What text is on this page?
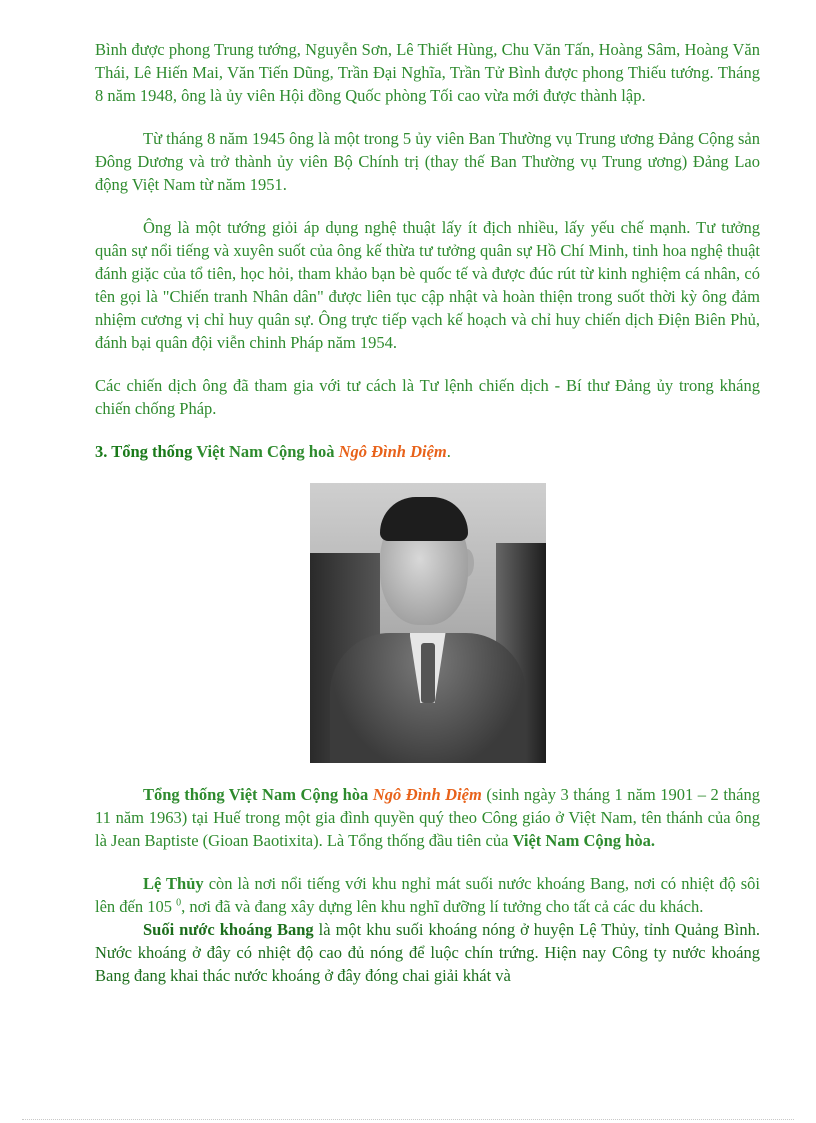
Bình được phong Trung tướng, Nguyễn Sơn, Lê Thiết Hùng, Chu Văn Tấn, Hoàng Sâm, Hoàng Văn Thái, Lê Hiến Mai, Văn Tiến Dũng, Trần Đại Nghĩa, Trần Tử Bình được phong Thiếu tướng. Tháng 8 năm 1948, ông là ủy viên Hội đồng Quốc phòng Tối cao vừa mới được thành lập.

Từ tháng 8 năm 1945 ông là một trong 5 ủy viên Ban Thường vụ Trung ương Đảng Cộng sản Đông Dương và trở thành ủy viên Bộ Chính trị (thay thế Ban Thường vụ Trung ương) Đảng Lao động Việt Nam từ năm 1951.

Ông là một tướng giỏi áp dụng nghệ thuật lấy ít địch nhiều, lấy yếu chế mạnh. Tư tưởng quân sự nổi tiếng và xuyên suốt của ông kế thừa tư tưởng quân sự Hồ Chí Minh, tinh hoa nghệ thuật đánh giặc của tổ tiên, học hỏi, tham khảo bạn bè quốc tế và được đúc rút từ kinh nghiệm cá nhân, có tên gọi là "Chiến tranh Nhân dân" được liên tục cập nhật và hoàn thiện trong suốt thời kỳ ông đảm nhiệm cương vị chỉ huy quân sự. Ông trực tiếp vạch kế hoạch và chỉ huy chiến dịch Điện Biên Phủ, đánh bại quân đội viễn chinh Pháp năm 1954.

Các chiến dịch ông đã tham gia với tư cách là Tư lệnh chiến dịch - Bí thư Đảng ủy trong kháng chiến chống Pháp.

3. Tổng thống Việt Nam Cộng hoà Ngô Đình Diệm.

Tổng thống Việt Nam Cộng hòa Ngô Đình Diệm (sinh ngày 3 tháng 1 năm 1901 – 2 tháng 11 năm 1963) tại Huế trong một gia đình quyền quý theo Công giáo ở Việt Nam, tên thánh của ông là Jean Baptiste (Gioan Baotixita). Là Tổng thống đầu tiên của Việt Nam Cộng hòa.

Lệ Thủy còn là nơi nổi tiếng với khu nghỉ mát suối nước khoáng Bang, nơi có nhiệt độ sôi lên đến 105 $^0$, nơi đã và đang xây dựng lên khu nghĩ dưỡng lí tưởng cho tất cả các du khách.

Suối nước khoáng Bang là một khu suối khoáng nóng ở huyện Lệ Thủy, tỉnh Quảng Bình. Nước khoáng ở đây có nhiệt độ cao đủ nóng để luộc chín trứng. Hiện nay Công ty nước khoáng Bang đang khai thác nước khoáng ở đây đóng chai giải khát và
